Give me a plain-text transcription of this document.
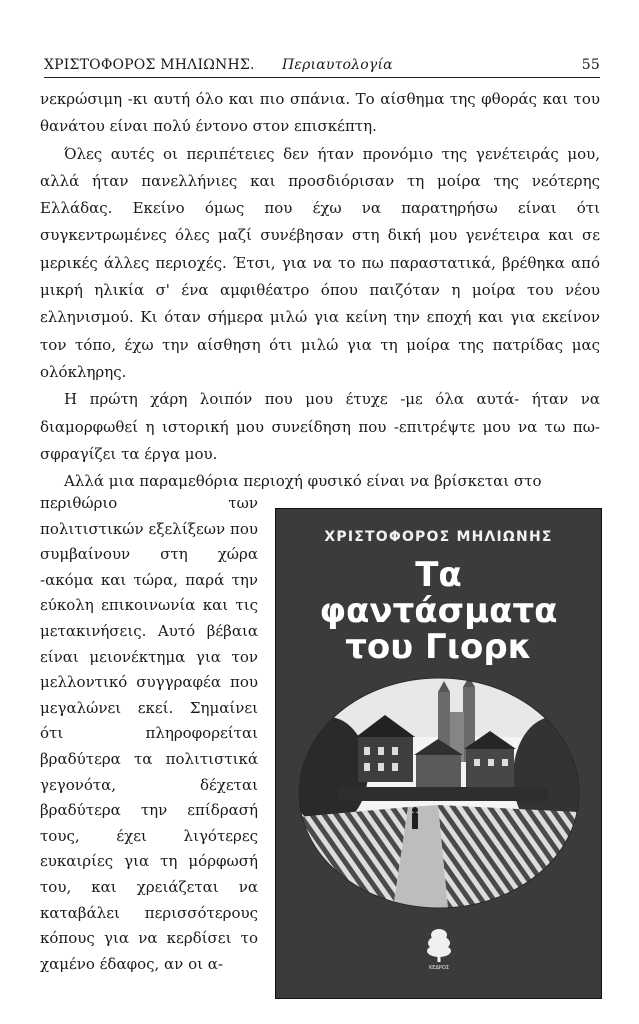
ΧΡΙΣΤΟΦΟΡΟΣ ΜΗΛΙΩΝΗΣ. Περιαυτολογία	55

νεκρώσιμη -κι αυτή όλο και πιο σπάνια. Το αίσθημα της φθοράς και του θανάτου είναι πολύ έντονο στον επισκέπτη.

Όλες αυτές οι περιπέτειες δεν ήταν προνόμιο της γενέτειράς μου, αλλά ήταν πανελλήνιες και προσδιόρισαν τη μοίρα της νεότερης Ελλάδας. Εκείνο όμως που έχω να παρατηρήσω είναι ότι συγκεντρωμένες όλες μαζί συνέβησαν στη δική μου γενέτειρα και σε μερικές άλλες περιοχές. Έτσι, για να το πω παραστατικά, βρέθηκα από μικρή ηλικία σ' ένα αμφιθέατρο όπου παιζόταν η μοίρα του νέου ελληνισμού. Κι όταν σήμερα μιλώ για κείνη την εποχή και για εκείνον τον τόπο, έχω την αίσθηση ότι μιλώ για τη μοίρα της πατρίδας μας ολόκληρης.

Η πρώτη χάρη λοιπόν που μου έτυχε -με όλα αυτά- ήταν να διαμορφωθεί η ιστορική μου συνείδηση που -επιτρέψτε μου να τω πω- σφραγίζει τα έργα μου.

Αλλά μια παραμεθόρια περιοχή φυσικό είναι να βρίσκεται στο

περιθώριο των πολιτιστικών εξελίξεων που συμβαίνουν στη χώρα -ακόμα και τώρα, παρά την εύκολη επικοινωνία και τις μετακινήσεις. Αυτό βέβαια είναι μειονέκτημα για τον μελλοντικό συγγραφέα που μεγαλώνει εκεί. Σημαίνει ότι πληροφορείται βραδύτερα τα πολιτιστικά γεγονότα, δέχεται βραδύτερα την επίδρασή τους, έχει λιγότερες ευκαιρίες για τη μόρφωσή του, και χρειάζεται να καταβάλει περισσότερους κόπους για να κερδίσει το χαμένο έδαφος, αν οι α-
ΧΡΙΣΤΟΦΟΡΟΣ ΜΗΛΙΩΝΗΣ
Τα
φαντάσματα
του Γιορκ
ΚΕΔΡΟΣ
